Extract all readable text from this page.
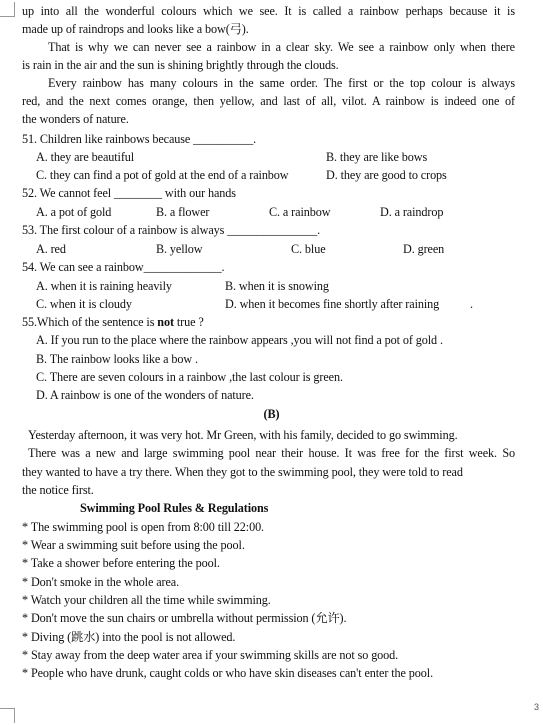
up into all the wonderful colours which we see. It is called a rainbow perhaps because it is
made up of raindrops and looks like a bow(弓).
That is why we can never see a rainbow in a clear sky. We see a rainbow only when there
is rain in the air and the sun is shining brightly through the clouds.
Every rainbow has many colours in the same order. The first or the top colour is always
red, and the next comes orange, then yellow, and last of all, vilot. A rainbow is indeed one of
the wonders of nature.
51. Children like rainbows because __________.
A. they are beautiful	B. they are like bows
C. they can find a pot of gold at the end of a rainbow	D. they are good to crops
52. We cannot feel ________ with our hands
A. a pot of gold	B. a flower	C. a rainbow	D. a raindrop
53. The first colour of a rainbow is always _______________.
A. red	B. yellow	C. blue	D. green
54. We can see a rainbow_____________.
A. when it is raining heavily	B. when it is snowing
C. when it is cloudy	D. when it becomes fine shortly after raining	.
55.Which of the sentence is not true ?
A. If you run to the place where the rainbow appears ,you will not find a pot of gold .
B. The rainbow looks like a bow .
C. There are seven colours in a rainbow ,the last colour is green.
D. A rainbow is one of the wonders of nature.
(B)
Yesterday afternoon, it was very hot. Mr Green, with his family, decided to go swimming.
There was a new and large swimming pool near their house. It was free for the first week. So
they wanted to have a try there. When they got to the swimming pool, they were told to read
the notice first.
Swimming Pool Rules & Regulations
* The swimming pool is open from 8:00 till 22:00.
* Wear a swimming suit before using the pool.
* Take a shower before entering the pool.
* Don't smoke in the whole area.
* Watch your children all the time while swimming.
* Don't move the sun chairs or umbrella without permission (允许).
* Diving (跳水) into the pool is not allowed.
* Stay away from the deep water area if your swimming skills are not so good.
* People who have drunk, caught colds or who have skin diseases can't enter the pool.
3
